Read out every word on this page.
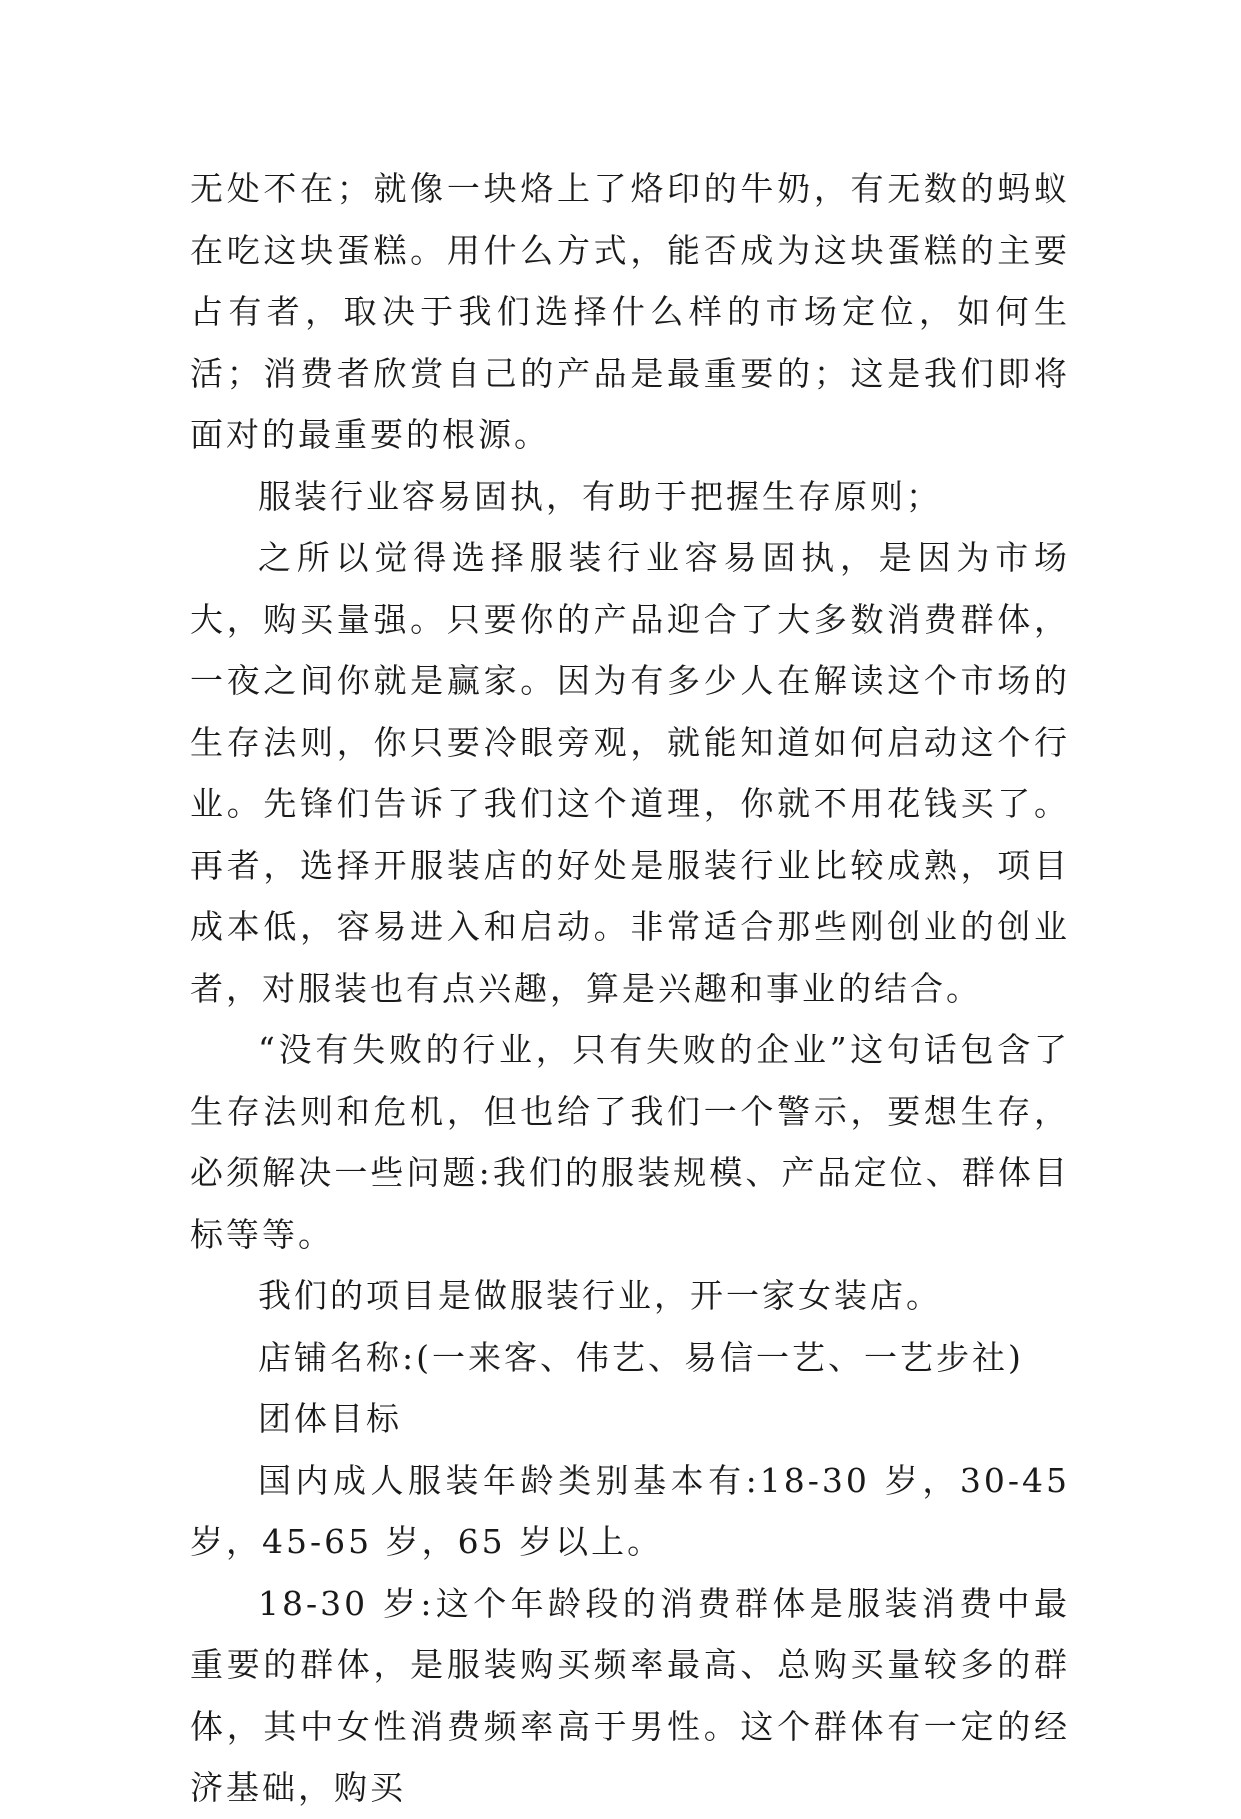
无处不在；就像一块烙上了烙印的牛奶，有无数的蚂蚁在吃这块蛋糕。用什么方式，能否成为这块蛋糕的主要占有者，取决于我们选择什么样的市场定位，如何生活；消费者欣赏自己的产品是最重要的；这是我们即将面对的最重要的根源。

服装行业容易固执，有助于把握生存原则；

之所以觉得选择服装行业容易固执，是因为市场大，购买量强。只要你的产品迎合了大多数消费群体，一夜之间你就是赢家。因为有多少人在解读这个市场的生存法则，你只要冷眼旁观，就能知道如何启动这个行业。先锋们告诉了我们这个道理，你就不用花钱买了。再者，选择开服装店的好处是服装行业比较成熟，项目成本低，容易进入和启动。非常适合那些刚创业的创业者，对服装也有点兴趣，算是兴趣和事业的结合。

“没有失败的行业，只有失败的企业”这句话包含了生存法则和危机，但也给了我们一个警示，要想生存，必须解决一些问题:我们的服装规模、产品定位、群体目标等等。

我们的项目是做服装行业，开一家女装店。

店铺名称:(一来客、伟艺、易信一艺、一艺步社)

团体目标

国内成人服装年龄类别基本有:18-30 岁，30-45 岁，45-65 岁，65 岁以上。

18-30 岁:这个年龄段的消费群体是服装消费中最重要的群体，是服装购买频率最高、总购买量较多的群体，其中女性消费频率高于男性。这个群体有一定的经济基础，购买
